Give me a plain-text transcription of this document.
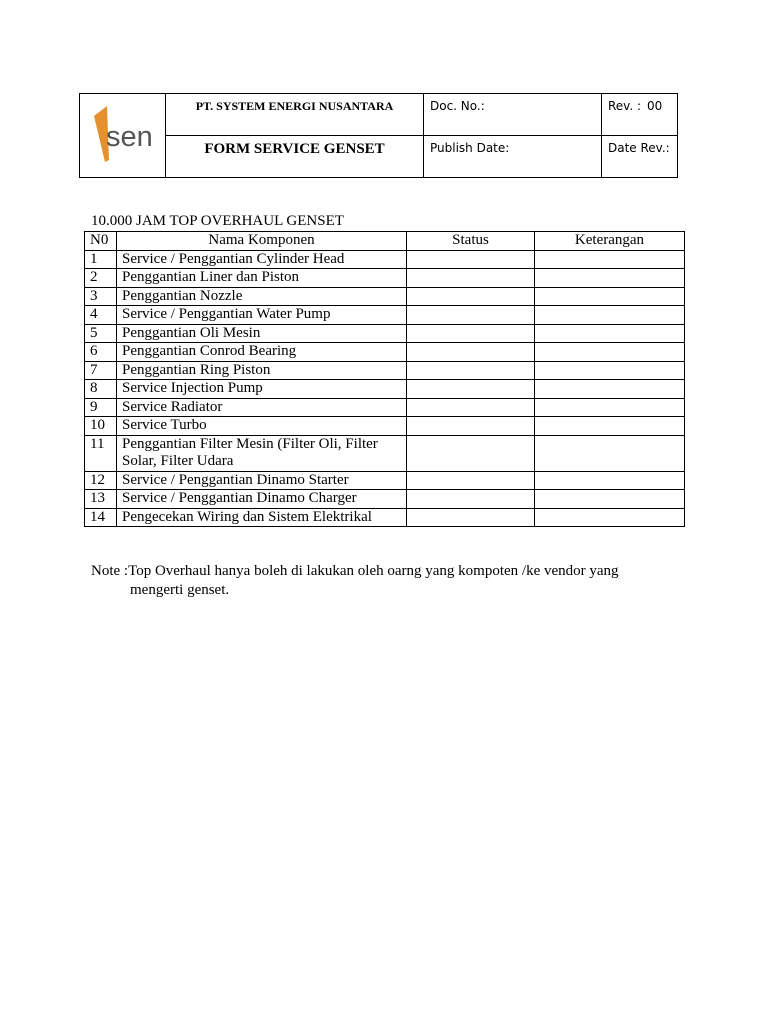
sen	PT. SYSTEM ENERGI NUSANTARA	Doc. No.:	Rev. : 00
	FORM SERVICE GENSET	Publish Date:	Date Rev.:
10.000 JAM TOP OVERHAUL GENSET
N0	Nama Komponen	Status	Keterangan
1	Service / Penggantian Cylinder Head		
2	Penggantian Liner dan Piston		
3	Penggantian Nozzle		
4	Service / Penggantian Water Pump		
5	Penggantian Oli Mesin		
6	Penggantian Conrod Bearing		
7	Penggantian Ring Piston		
8	Service Injection Pump		
9	Service Radiator		
10	Service Turbo		
11	Penggantian Filter Mesin (Filter Oli, Filter Solar, Filter Udara		
12	Service / Penggantian Dinamo Starter		
13	Service / Penggantian Dinamo Charger		
14	Pengecekan Wiring dan Sistem Elektrikal		
Note :Top Overhaul hanya boleh di lakukan oleh oarng yang kompoten /ke vendor yang
mengerti genset.
